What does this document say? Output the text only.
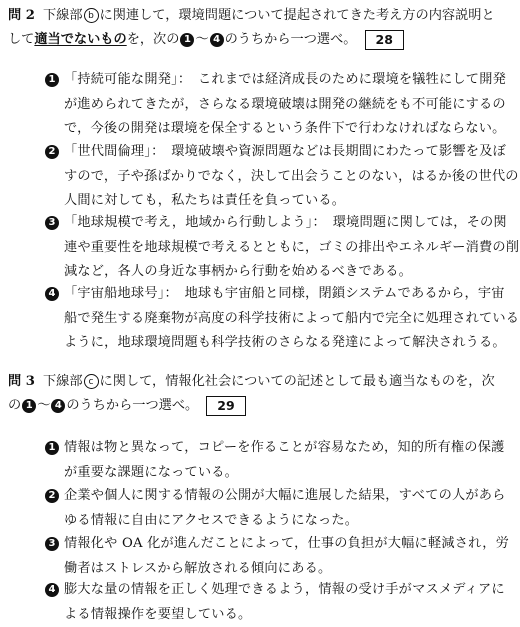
問 2 下線部 b に関連して，環境問題について提起されてきた考え方の内容説明と
して適当でないものを，次の 1 〜 4 のうちから一つ選べ。 28
1 「持続可能な開発」：　これまでは経済成長のために環境を犠牲にして開発

が進められてきたが，さらなる環境破壊は開発の継続をも不可能にするの

で，今後の開発は環境を保全するという条件下で行わなければならない。

2 「世代間倫理」：　環境破壊や資源問題などは長期間にわたって影響を及ぼ

すので，子や孫ばかりでなく，決して出会うことのない，はるか後の世代の

人間に対しても，私たちは責任を負っている。

3 「地球規模で考え，地域から行動しよう」：　環境問題に関しては，その関

連や重要性を地球規模で考えるとともに，ゴミの排出やエネルギー消費の削

減など，各人の身近な事柄から行動を始めるべきである。

4 「宇宙船地球号」：　地球も宇宙船と同様，閉鎖システムであるから，宇宙

船で発生する廃棄物が高度の科学技術によって船内で完全に処理されている

ように，地球環境問題も科学技術のさらなる発達によって解決されうる。

問 3 下線部 c に関して，情報化社会についての記述として最も適当なものを，次
の 1 〜 4 のうちから一つ選べ。 29
1 情報は物と異なって，コピーを作ることが容易なため，知的所有権の保護

が重要な課題になっている。

2 企業や個人に関する情報の公開が大幅に進展した結果，すべての人があら

ゆる情報に自由にアクセスできるようになった。

3 情報化や OA 化が進んだことによって，仕事の負担が大幅に軽減され，労

働者はストレスから解放される傾向にある。

4 膨大な量の情報を正しく処理できるよう，情報の受け手がマスメディアに

よる情報操作を要望している。
